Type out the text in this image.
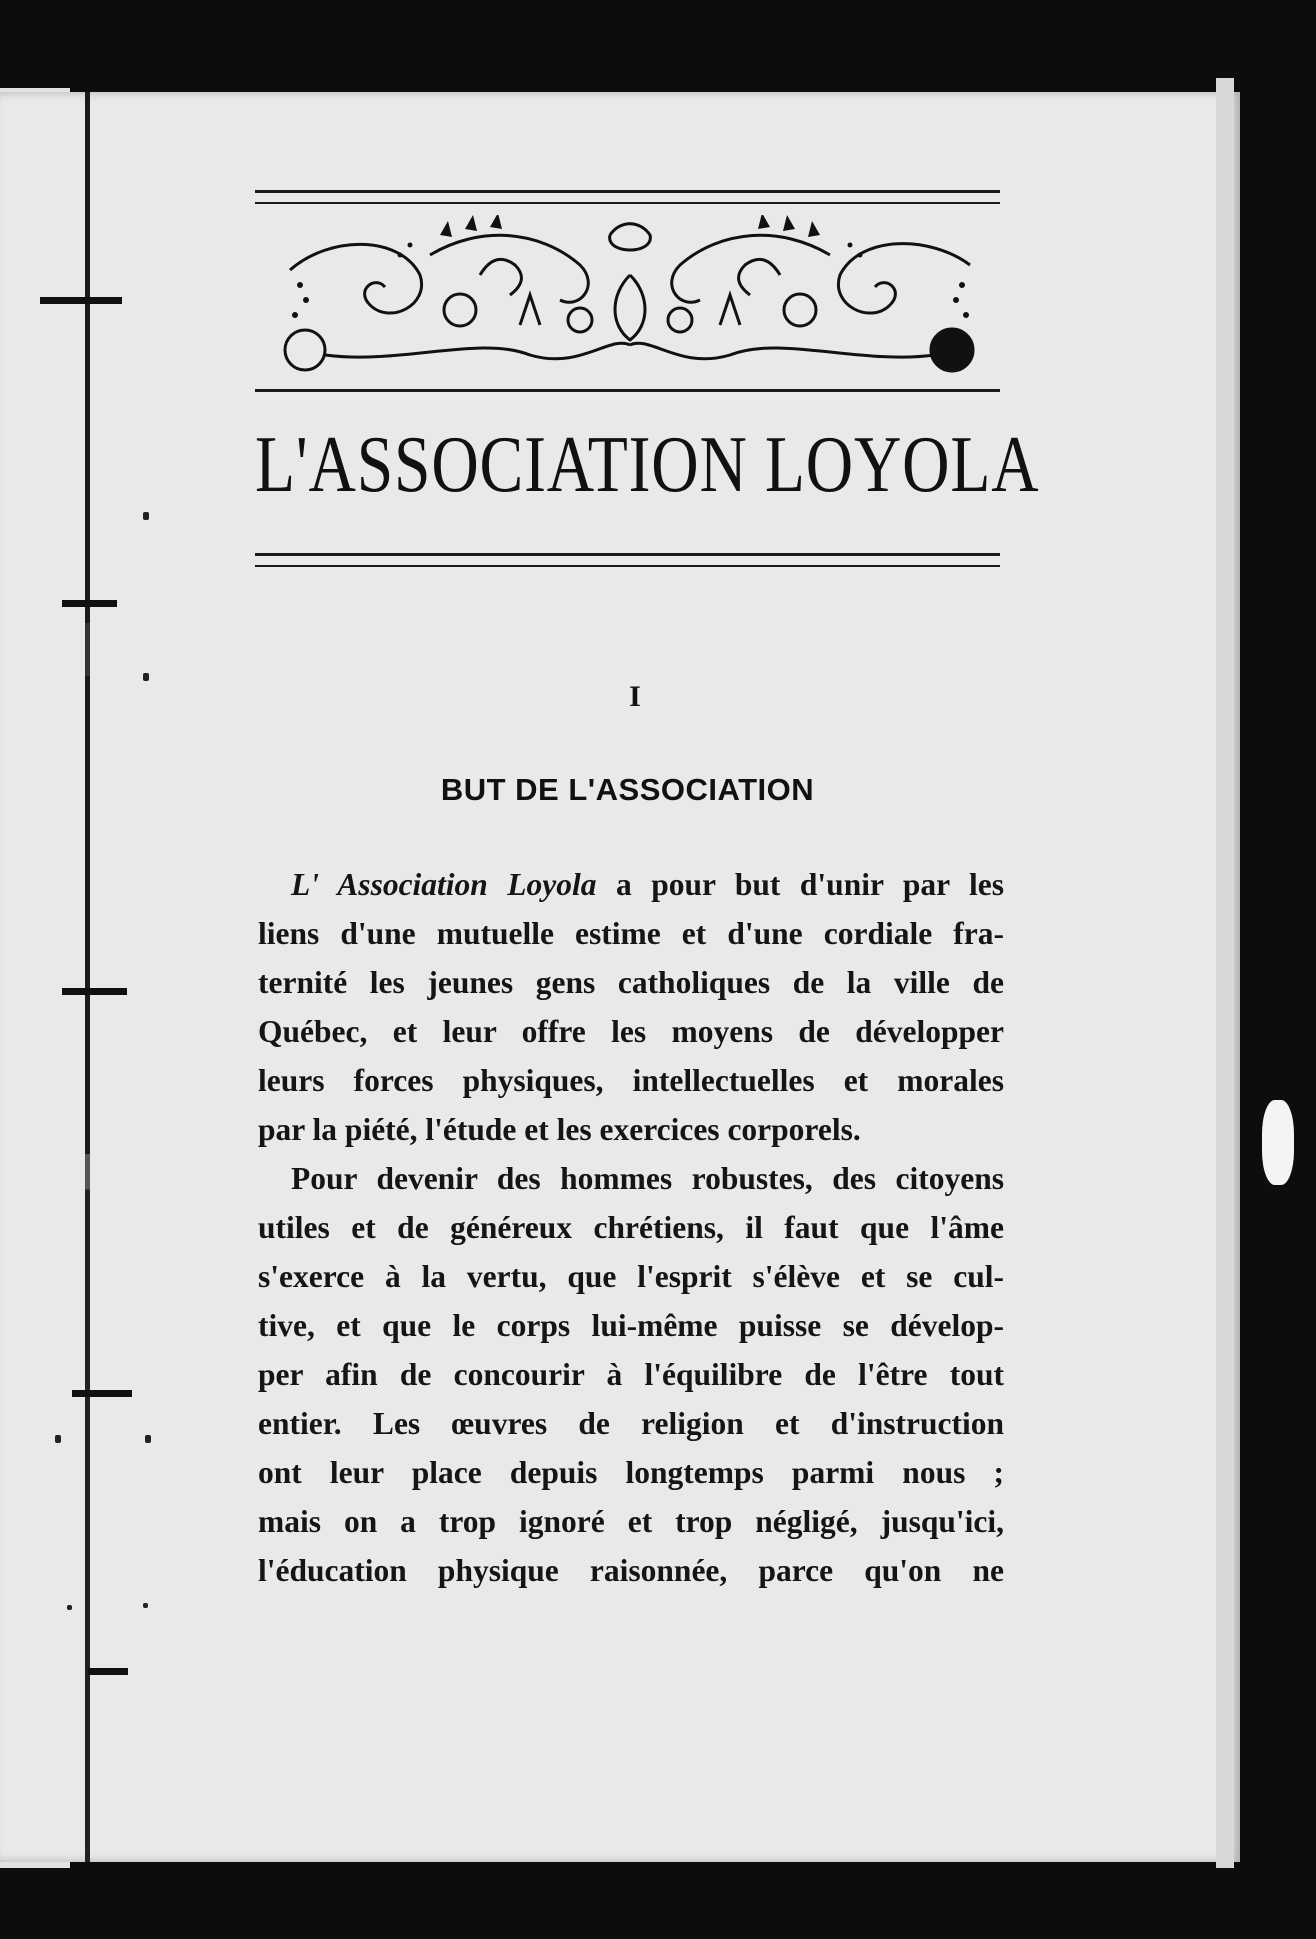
L'ASSOCIATION LOYOLA
I
BUT DE L'ASSOCIATION
L' Association Loyola a pour but d'unir par les
liens d'une mutuelle estime et d'une cordiale fra-
ternité les jeunes gens catholiques de la ville de
Québec, et leur offre les moyens de développer
leurs forces physiques, intellectuelles et morales
par la piété, l'étude et les exercices corporels.
Pour devenir des hommes robustes, des citoyens
utiles et de généreux chrétiens, il faut que l'âme
s'exerce à la vertu, que l'esprit s'élève et se cul-
tive, et que le corps lui-même puisse se dévelop-
per afin de concourir à l'équilibre de l'être tout
entier. Les œuvres de religion et d'instruction
ont leur place depuis longtemps parmi nous ;
mais on a trop ignoré et trop négligé, jusqu'ici,
l'éducation physique raisonnée, parce qu'on ne
